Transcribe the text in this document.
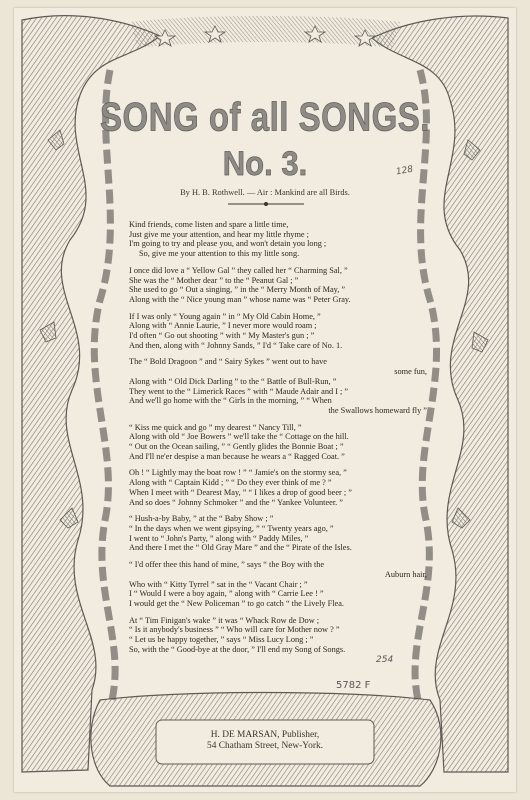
SONG of all SONGS.
No. 3.
By H. B. Rothwell. — Air : Mankind are all Birds.
128
254
5782 F
Kind friends, come listen and spare a little time,
Just give me your attention, and hear my little rhyme ;
I'm going to try and please you, and won't detain you long ;
So, give me your attention to this my little song.
I once did love a “ Yellow Gal ” they called her “ Charming Sal, ”
She was the “ Mother dear ” to the “ Peanut Gal ; ”
She used to go “ Out a singing, ” in the “ Merry Month of May, ”
Along with the “ Nice young man ” whose name was “ Peter Gray.
If I was only “ Young again ” in “ My Old Cabin Home, ”
Along with “ Annie Laurie, ” I never more would roam ;
I'd often “ Go out shooting ” with “ My Master's gun ; ”
And then, along with “ Johnny Sands, ” I'd “ Take care of No. 1.
The “ Bold Dragoon ” and “ Sairy Sykes ” went out to have
some fun,
Along with “ Old Dick Darling ” to the “ Battle of Bull-Run, ”
They went to the “ Limerick Races ” with “ Maude Adair and I ; ”
And we'll go home with the “ Girls in the morning, ” “ When
the Swallows homeward fly ”
“ Kiss me quick and go ” my dearest “ Nancy Till, ”
Along with old “ Joe Bowers ” we'll take the “ Cottage on the hill.
“ Out on the Ocean sailing, ” “ Gently glides the Bonnie Boat ; ”
And I'll ne'er despise a man because he wears a “ Ragged Coat. ”
Oh ! “ Lightly may the boat row ! ” “ Jamie's on the stormy sea, ”
Along with “ Captain Kidd ; ” “ Do they ever think of me ? ”
When I meet with “ Dearest May, ” “ I likes a drop of good beer ; ”
And so does “ Johnny Schmoker ” and the “ Yankee Volunteer. ”
“ Hush-a-by Baby, ” at the “ Baby Show ; ”
“ In the days when we went gipsying, ” “ Twenty years ago, ”
I went to “ John's Party, ” along with “ Paddy Miles, ”
And there I met the “ Old Gray Mare ” and the “ Pirate of the Isles.
“ I'd offer thee this hand of mine, ” says “ the Boy with the
Auburn hair,
Who with “ Kitty Tyrrel ” sat in the “ Vacant Chair ; ”
I “ Would I were a boy again, ” along with “ Carrie Lee ! ”
I would get the “ New Policeman ” to go catch “ the Lively Flea.
At “ Tim Finigan's wake ” it was “ Whack Row de Dow ;
“ Is it anybody's business ” “ Who will care for Mother now ? ”
“ Let us be happy together, ” says “ Miss Lucy Long ; ”
So, with the “ Good-bye at the door, ” I'll end my Song of Songs.
H. DE MARSAN, Publisher,
54 Chatham Street, New-York.
